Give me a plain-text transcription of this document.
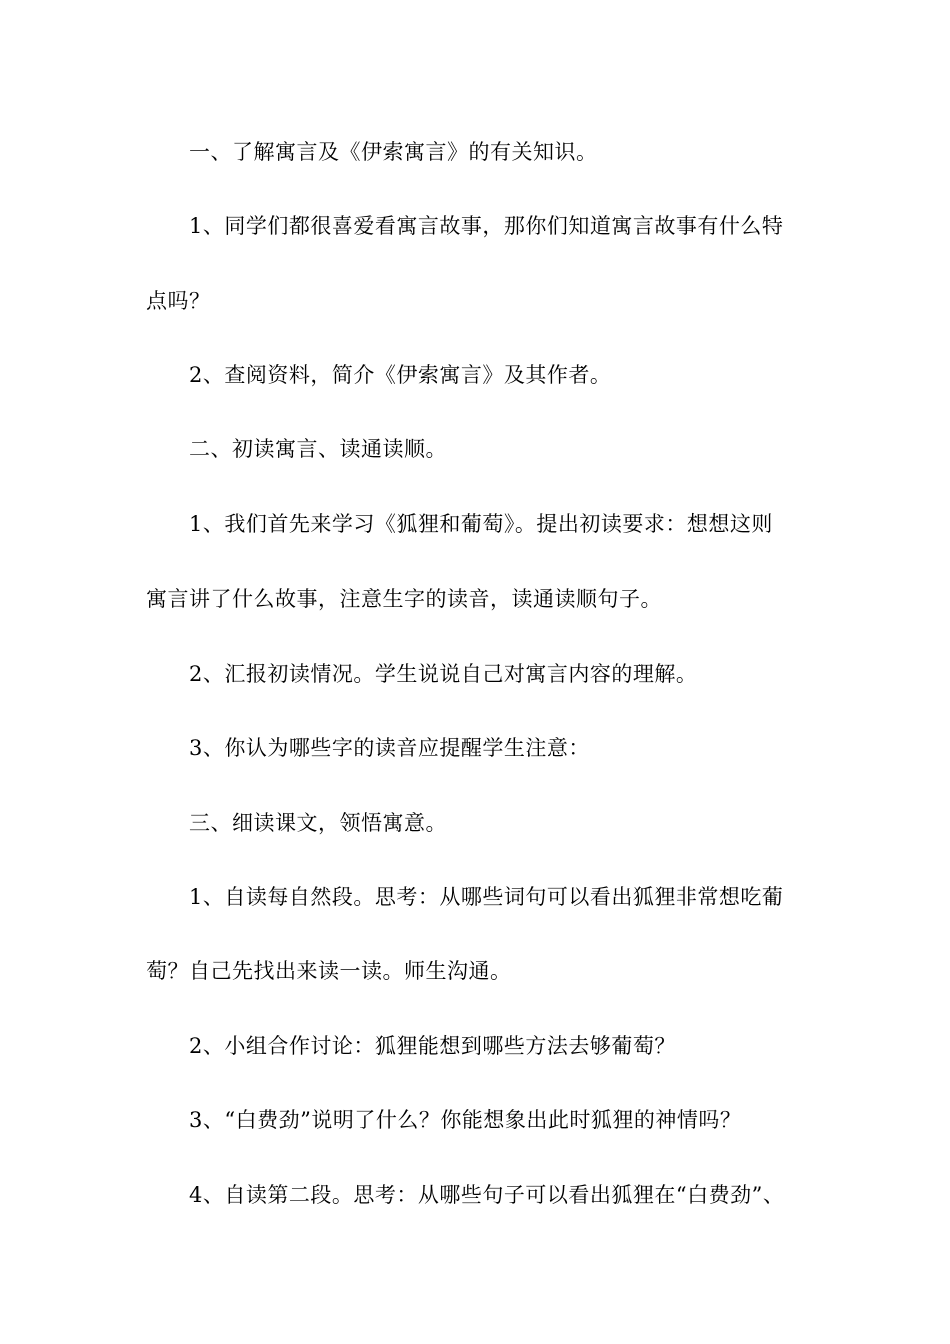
一、了解寓言及《伊索寓言》的有关知识。
1、同学们都很喜爱看寓言故事，那你们知道寓言故事有什么特
点吗？
2、查阅资料，简介《伊索寓言》及其作者。
二、初读寓言、读通读顺。
1、我们首先来学习《狐狸和葡萄》。提出初读要求：想想这则
寓言讲了什么故事，注意生字的读音，读通读顺句子。
2、汇报初读情况。学生说说自己对寓言内容的理解。
3、你认为哪些字的读音应提醒学生注意：
三、细读课文，领悟寓意。
1、自读每自然段。思考：从哪些词句可以看出狐狸非常想吃葡
萄？自己先找出来读一读。师生沟通。
2、小组合作讨论：狐狸能想到哪些方法去够葡萄？
3、“白费劲”说明了什么？你能想象出此时狐狸的神情吗？
4、自读第二段。思考：从哪些句子可以看出狐狸在“白费劲”、
